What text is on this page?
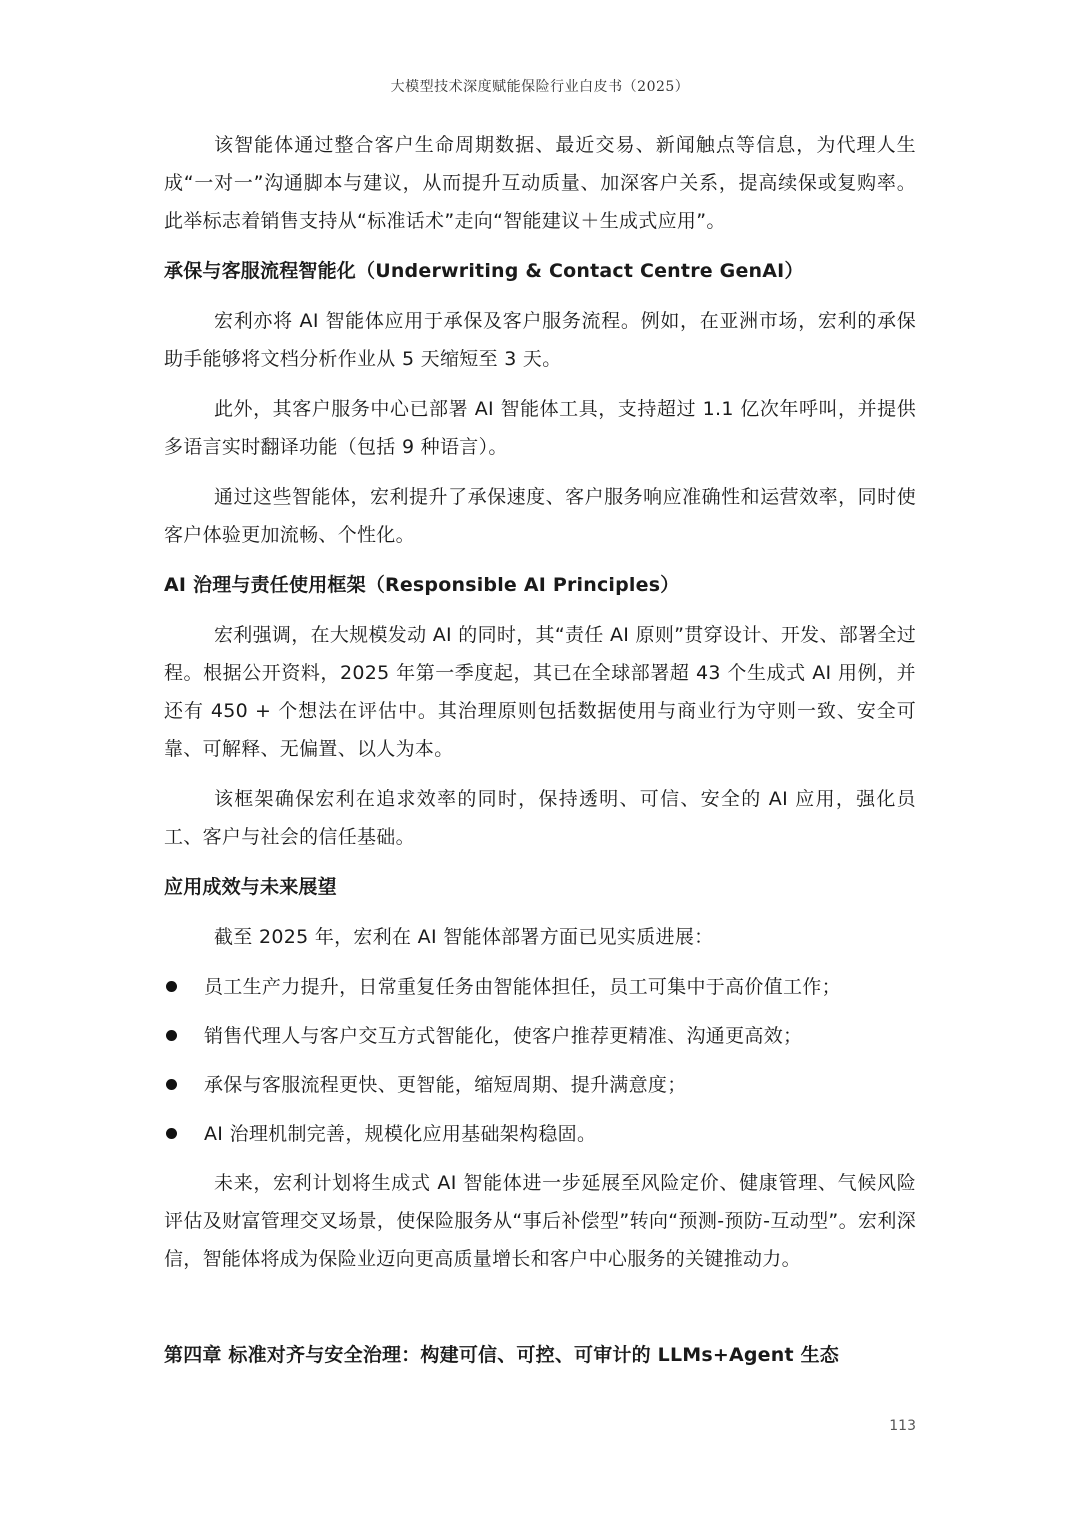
大模型技术深度赋能保险行业白皮书（2025）

该智能体通过整合客户生命周期数据、最近交易、新闻触点等信息，为代理人生成“一对一”沟通脚本与建议，从而提升互动质量、加深客户关系，提高续保或复购率。此举标志着销售支持从“标准话术”走向“智能建议＋生成式应用”。

承保与客服流程智能化（Underwriting & Contact Centre GenAI）

宏利亦将 AI 智能体应用于承保及客户服务流程。例如，在亚洲市场，宏利的承保助手能够将文档分析作业从 5 天缩短至 3 天。

此外，其客户服务中心已部署 AI 智能体工具，支持超过 1.1 亿次年呼叫，并提供多语言实时翻译功能（包括 9 种语言）。

通过这些智能体，宏利提升了承保速度、客户服务响应准确性和运营效率，同时使客户体验更加流畅、个性化。

AI 治理与责任使用框架（Responsible AI Principles）

宏利强调，在大规模发动 AI 的同时，其“责任 AI 原则”贯穿设计、开发、部署全过程。根据公开资料，2025 年第一季度起，其已在全球部署超 43 个生成式 AI 用例，并还有 450 + 个想法在评估中。其治理原则包括数据使用与商业行为守则一致、安全可靠、可解释、无偏置、以人为本。

该框架确保宏利在追求效率的同时，保持透明、可信、安全的 AI 应用，强化员工、客户与社会的信任基础。

应用成效与未来展望

截至 2025 年，宏利在 AI 智能体部署方面已见实质进展：

员工生产力提升，日常重复任务由智能体担任，员工可集中于高价值工作；
销售代理人与客户交互方式智能化，使客户推荐更精准、沟通更高效；
承保与客服流程更快、更智能，缩短周期、提升满意度；
AI 治理机制完善，规模化应用基础架构稳固。

未来，宏利计划将生成式 AI 智能体进一步延展至风险定价、健康管理、气候风险评估及财富管理交叉场景，使保险服务从“事后补偿型”转向“预测-预防-互动型”。宏利深信，智能体将成为保险业迈向更高质量增长和客户中心服务的关键推动力。

第四章 标准对齐与安全治理：构建可信、可控、可审计的 LLMs+Agent 生态
113
